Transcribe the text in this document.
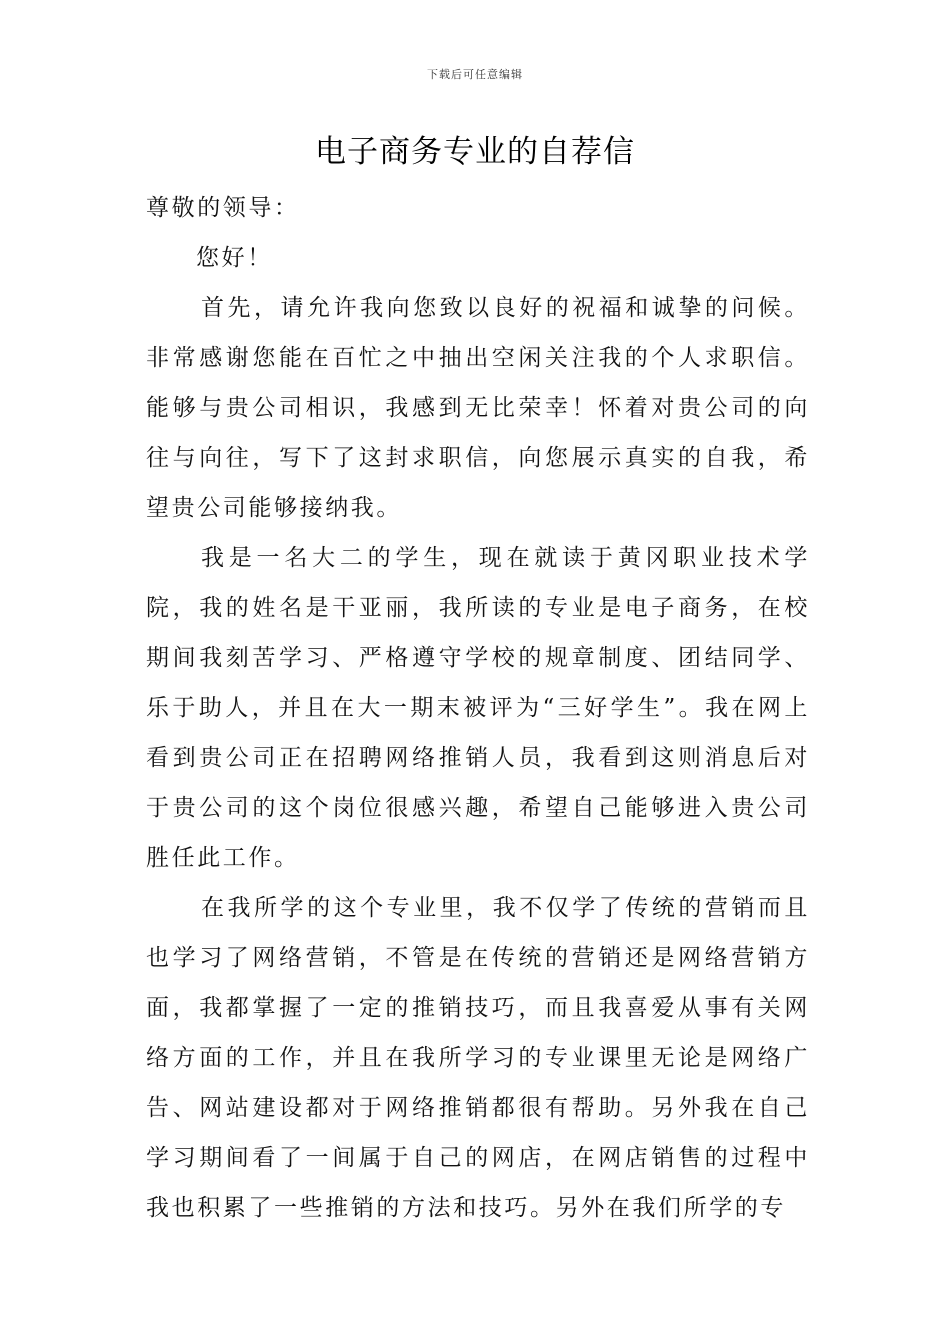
下载后可任意编辑
电子商务专业的自荐信

尊敬的领导：

您好！

首先，请允许我向您致以良好的祝福和诚挚的问候。非常感谢您能在百忙之中抽出空闲关注我的个人求职信。能够与贵公司相识，我感到无比荣幸！怀着对贵公司的向往与向往，写下了这封求职信，向您展示真实的自我，希望贵公司能够接纳我。

我是一名大二的学生，现在就读于黄冈职业技术学院，我的姓名是干亚丽，我所读的专业是电子商务，在校期间我刻苦学习、严格遵守学校的规章制度、团结同学、乐于助人，并且在大一期末被评为“三好学生”。我在网上看到贵公司正在招聘网络推销人员，我看到这则消息后对于贵公司的这个岗位很感兴趣，希望自己能够进入贵公司胜任此工作。

在我所学的这个专业里，我不仅学了传统的营销而且也学习了网络营销，不管是在传统的营销还是网络营销方面，我都掌握了一定的推销技巧，而且我喜爱从事有关网络方面的工作，并且在我所学习的专业课里无论是网络广告、网站建设都对于网络推销都很有帮助。另外我在自己学习期间看了一间属于自己的网店，在网店销售的过程中我也积累了一些推销的方法和技巧。另外在我们所学的专
